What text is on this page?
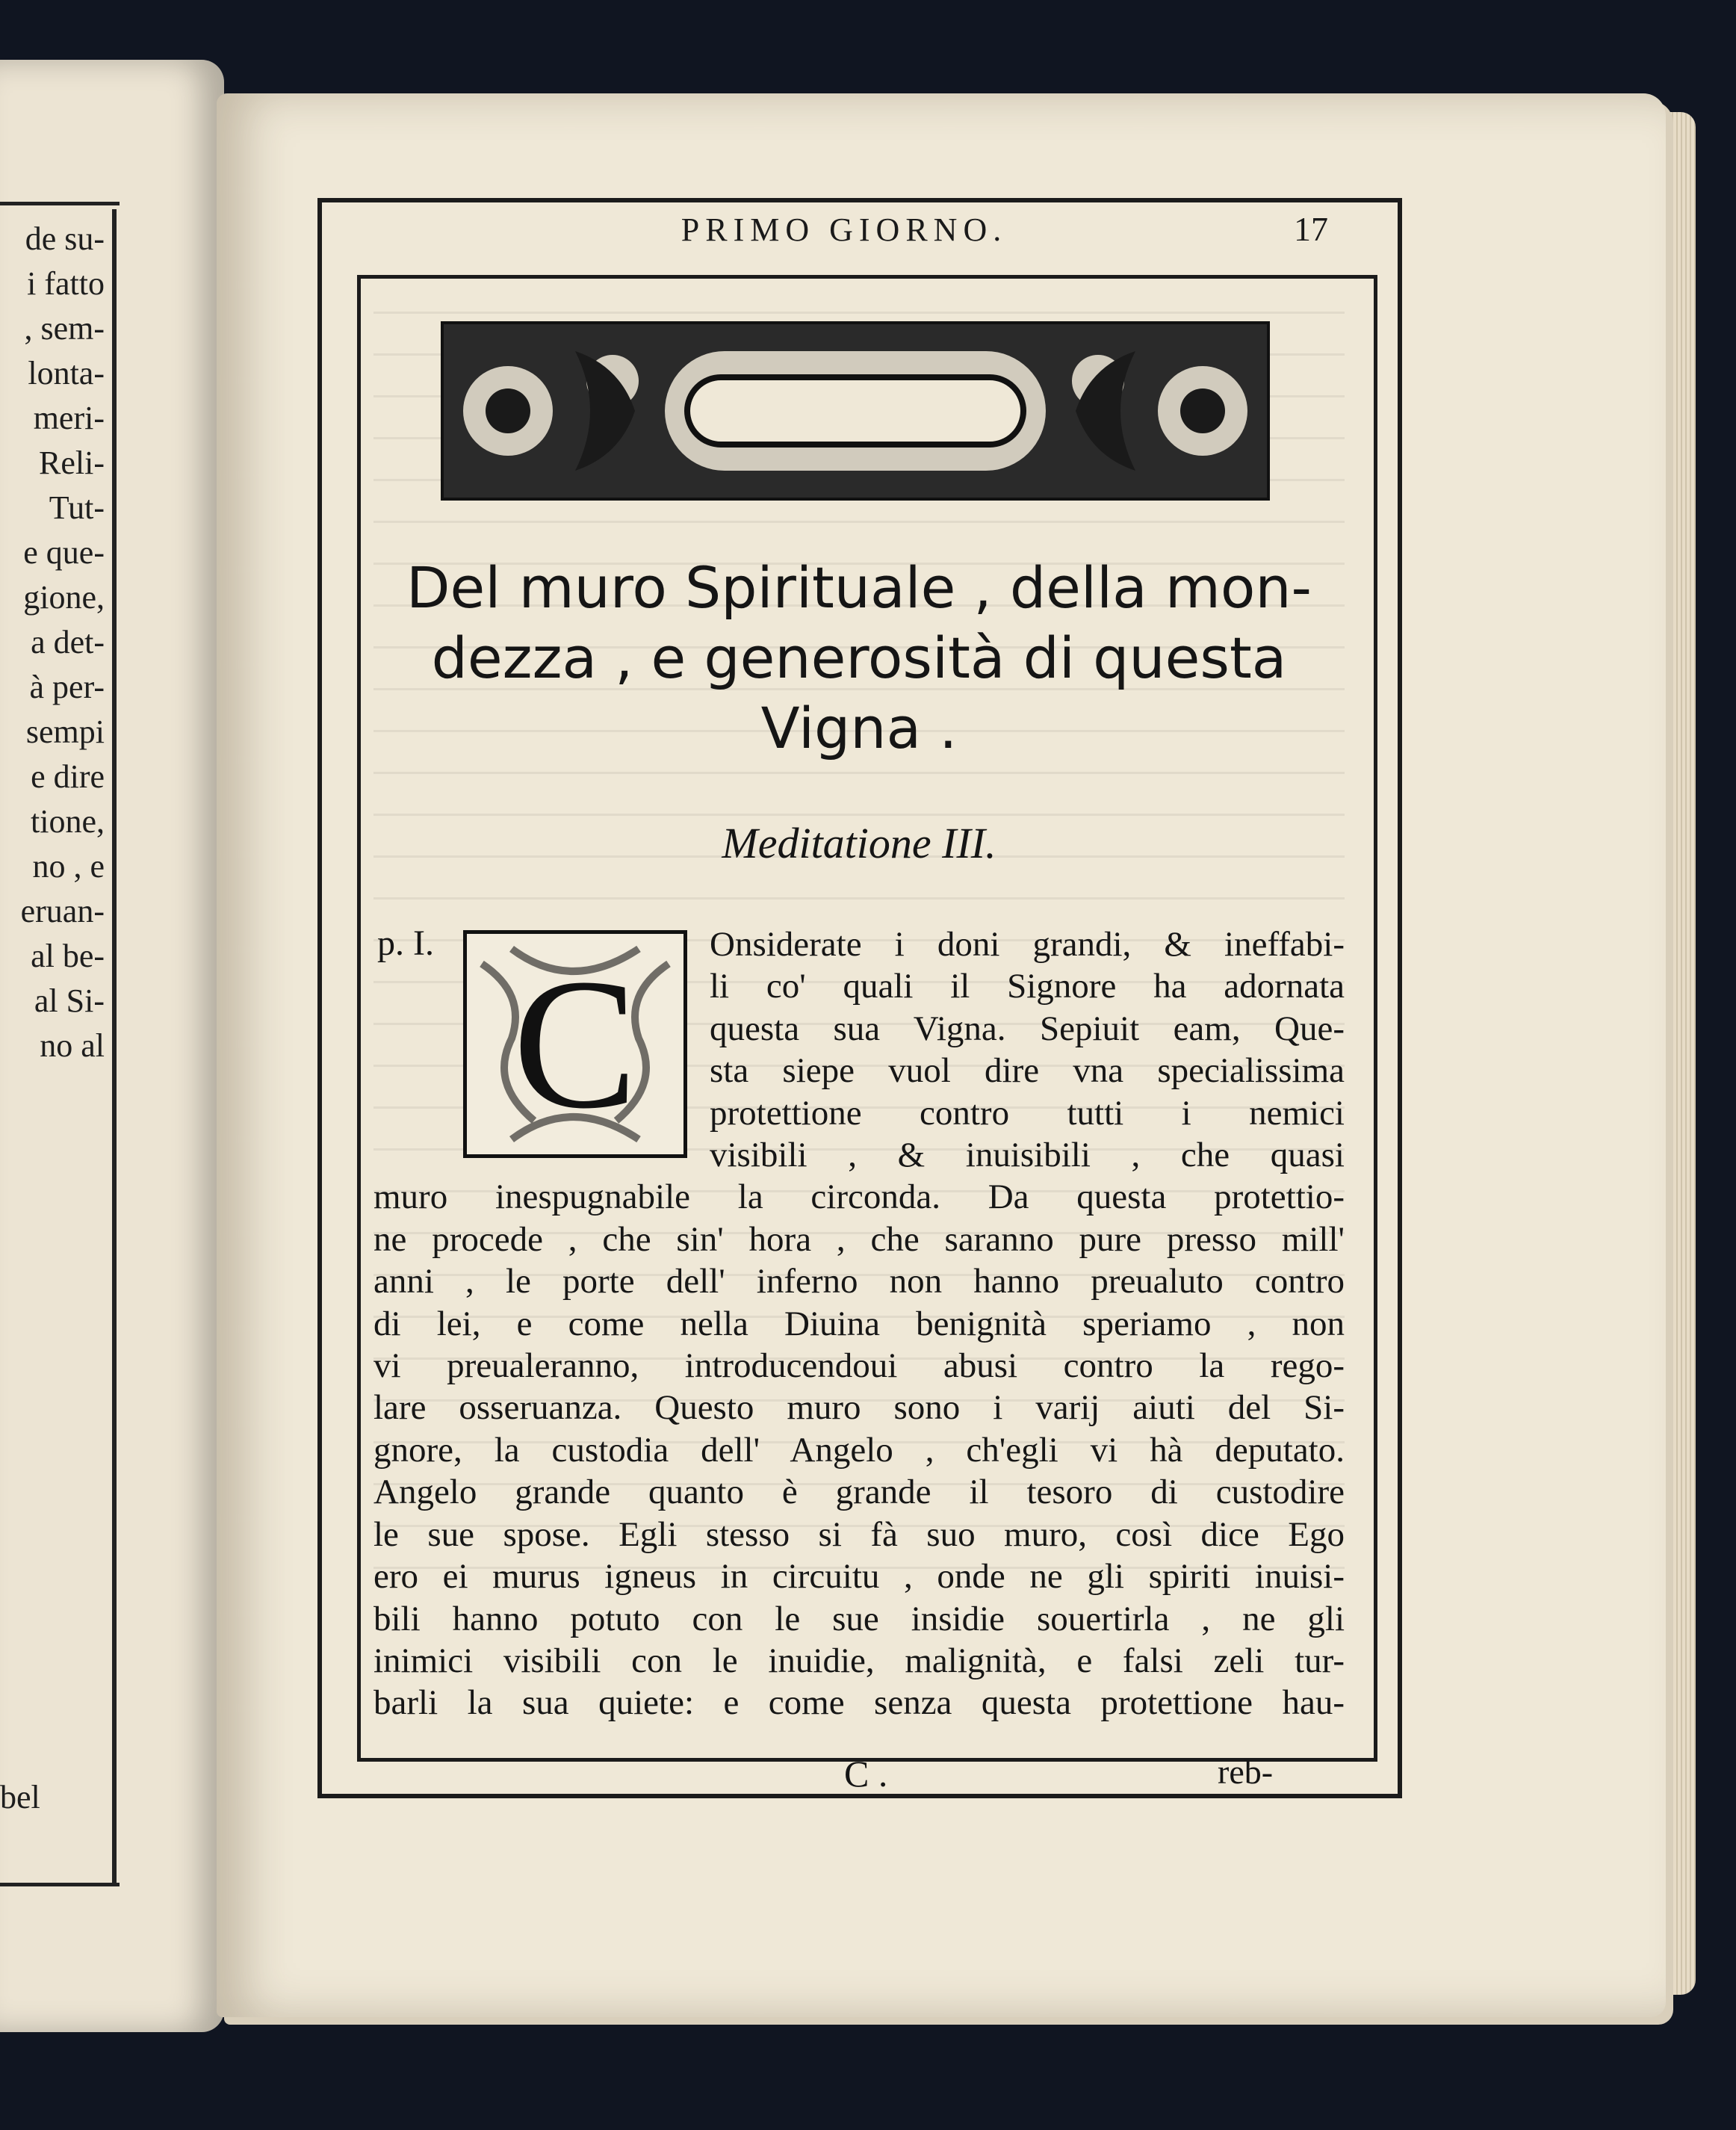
de su-
i fatto
, sem-
lonta-
meri-
Reli-
Tut-
e que-
gione,
a det-
à per-
sempi
e dire
tione,
no , e
eruan-
al be-
al Si-
no al
bel
PRIMO GIORNO.	17
Del muro Spirituale , della mon-
dezza , e generosità di questa
Vigna .
Meditatione III.
p. I. C	Onsiderate i doni grandi, & ineffabi-
li co' quali il Signore ha adornata
questa sua Vigna. Sepiuit eam, Que-
sta siepe vuol dire vna specialissima
protettione contro tutti i nemici
visibili , & inuisibili , che quasi
muro inespugnabile la circonda. Da questa protettio-
ne procede , che sin' hora , che saranno pure presso mill'
anni , le porte dell' inferno non hanno preualuto contro
di lei, e come nella Diuina benignità speriamo , non
vi preualeranno, introducendoui abusi contro la rego-
lare osseruanza. Questo muro sono i varij aiuti del Si-
gnore, la custodia dell' Angelo , ch'egli vi hà deputato.
Angelo grande quanto è grande il tesoro di custodire
le sue spose. Egli stesso si fà suo muro, così dice Ego
ero ei murus igneus in circuitu , onde ne gli spiriti inuisi-
bili hanno potuto con le sue insidie souertirla , ne gli
inimici visibili con le inuidie, malignità, e falsi zeli tur-
barli la sua quiete: e come senza questa protettione hau-
C .	reb-
